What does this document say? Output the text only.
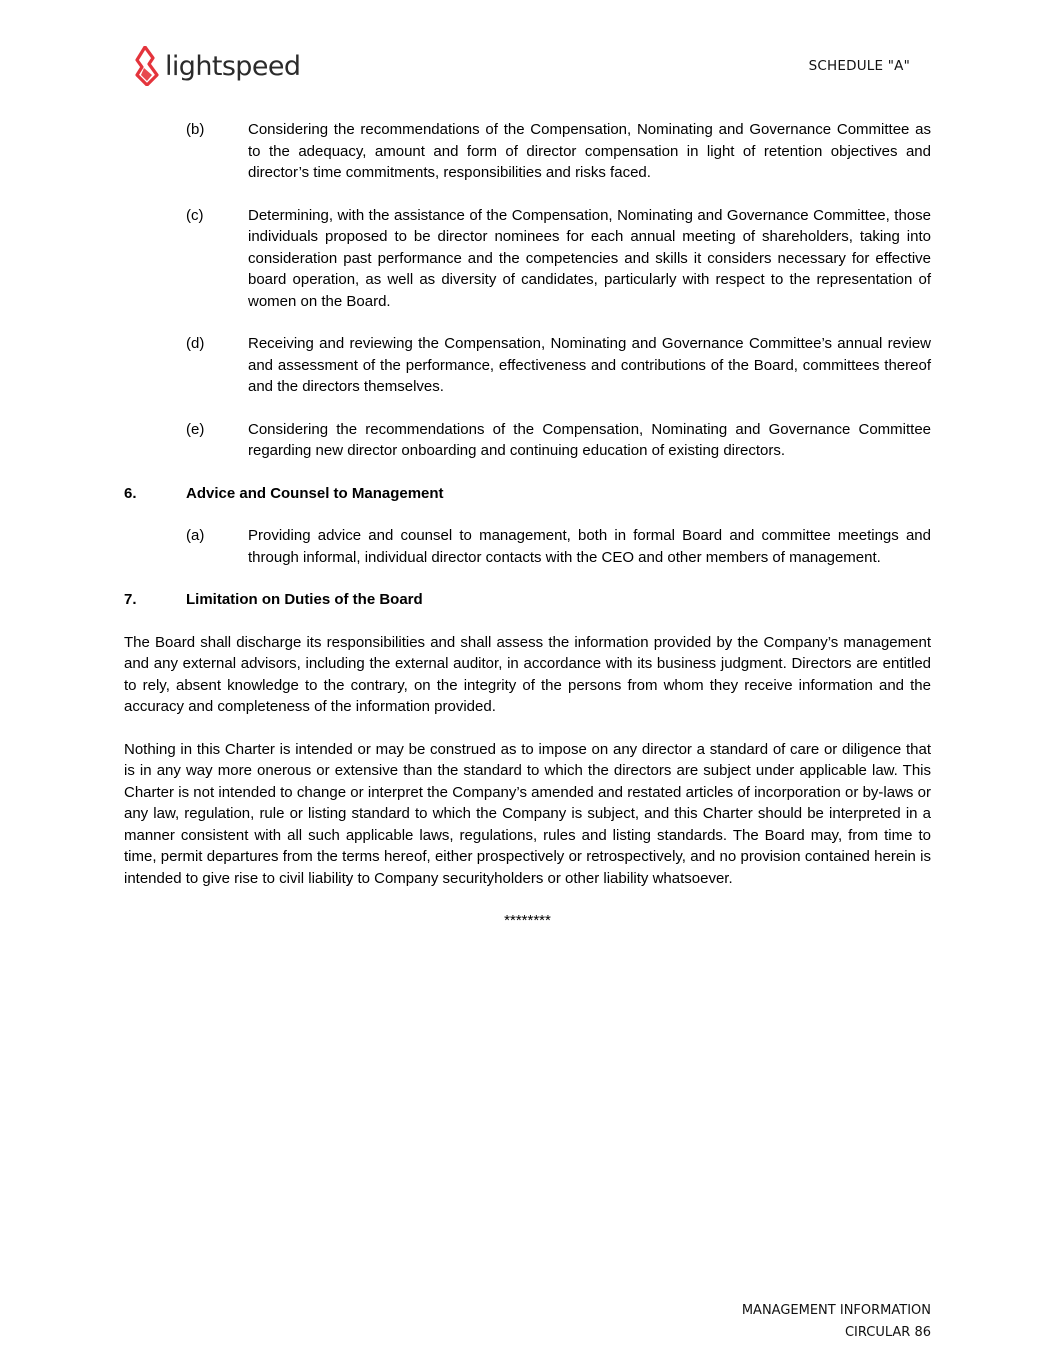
lightspeed	SCHEDULE "A"
(b)	Considering the recommendations of the Compensation, Nominating and Governance Committee as to the adequacy, amount and form of director compensation in light of retention objectives and director’s time commitments, responsibilities and risks faced.
(c)	Determining, with the assistance of the Compensation, Nominating and Governance Committee, those individuals proposed to be director nominees for each annual meeting of shareholders, taking into consideration past performance and the competencies and skills it considers necessary for effective board operation, as well as diversity of candidates, particularly with respect to the representation of women on the Board.
(d)	Receiving and reviewing the Compensation, Nominating and Governance Committee’s annual review and assessment of the performance, effectiveness and contributions of the Board, committees thereof and the directors themselves.
(e)	Considering the recommendations of the Compensation, Nominating and Governance Committee regarding new director onboarding and continuing education of existing directors.
6.	Advice and Counsel to Management
(a)	Providing advice and counsel to management, both in formal Board and committee meetings and through informal, individual director contacts with the CEO and other members of management.
7.	Limitation on Duties of the Board

The Board shall discharge its responsibilities and shall assess the information provided by the Company’s management and any external advisors, including the external auditor, in accordance with its business judgment. Directors are entitled to rely, absent knowledge to the contrary, on the integrity of the persons from whom they receive information and the accuracy and completeness of the information provided.

Nothing in this Charter is intended or may be construed as to impose on any director a standard of care or diligence that is in any way more onerous or extensive than the standard to which the directors are subject under applicable law. This Charter is not intended to change or interpret the Company’s amended and restated articles of incorporation or by-laws or any law, regulation, rule or listing standard to which the Company is subject, and this Charter should be interpreted in a manner consistent with all such applicable laws, regulations, rules and listing standards. The Board may, from time to time, permit departures from the terms hereof, either prospectively or retrospectively, and no provision contained herein is intended to give rise to civil liability to Company securityholders or other liability whatsoever.

********

MANAGEMENT INFORMATION
CIRCULAR 86
